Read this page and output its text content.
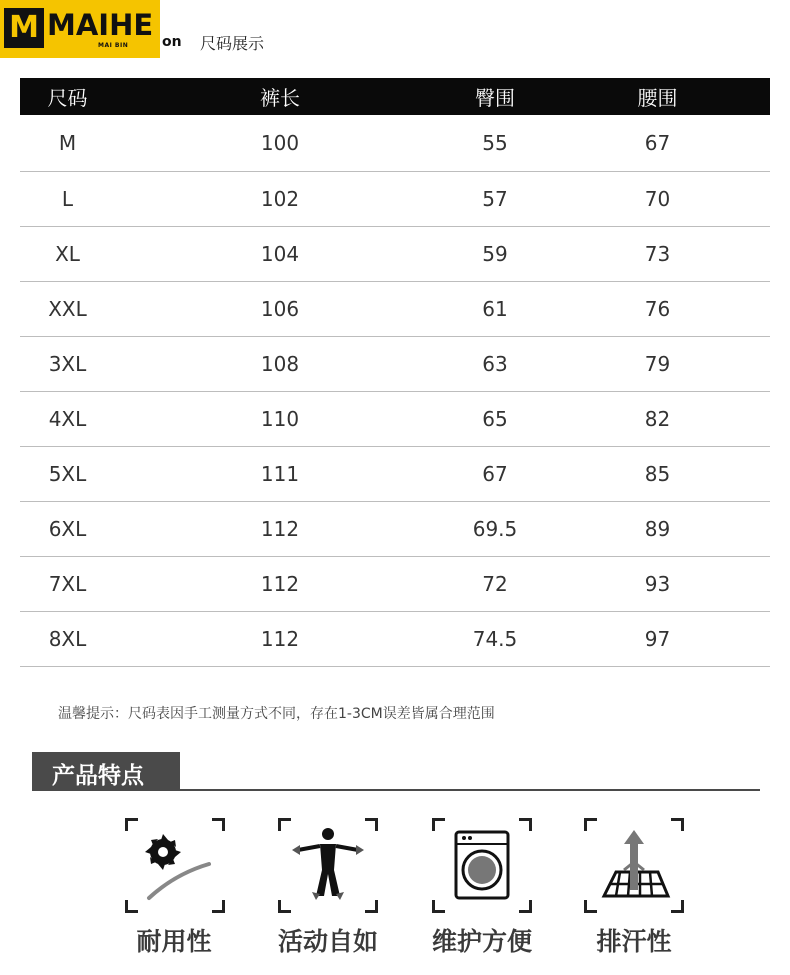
M MAIHE
MAI BIN on 尺码展示
尺码	裤长	臀围	腰围
M	100	55	67
L	102	57	70
XL	104	59	73
XXL	106	61	76
3XL	108	63	79
4XL	110	65	82
5XL	111	67	85
6XL	112	69.5	89
7XL	112	72	93
8XL	112	74.5	97
温馨提示：尺码表因手工测量方式不同，存在1-3CM误差皆属合理范围
产品特点
耐用性	活动自如	维护方便	排汗性
